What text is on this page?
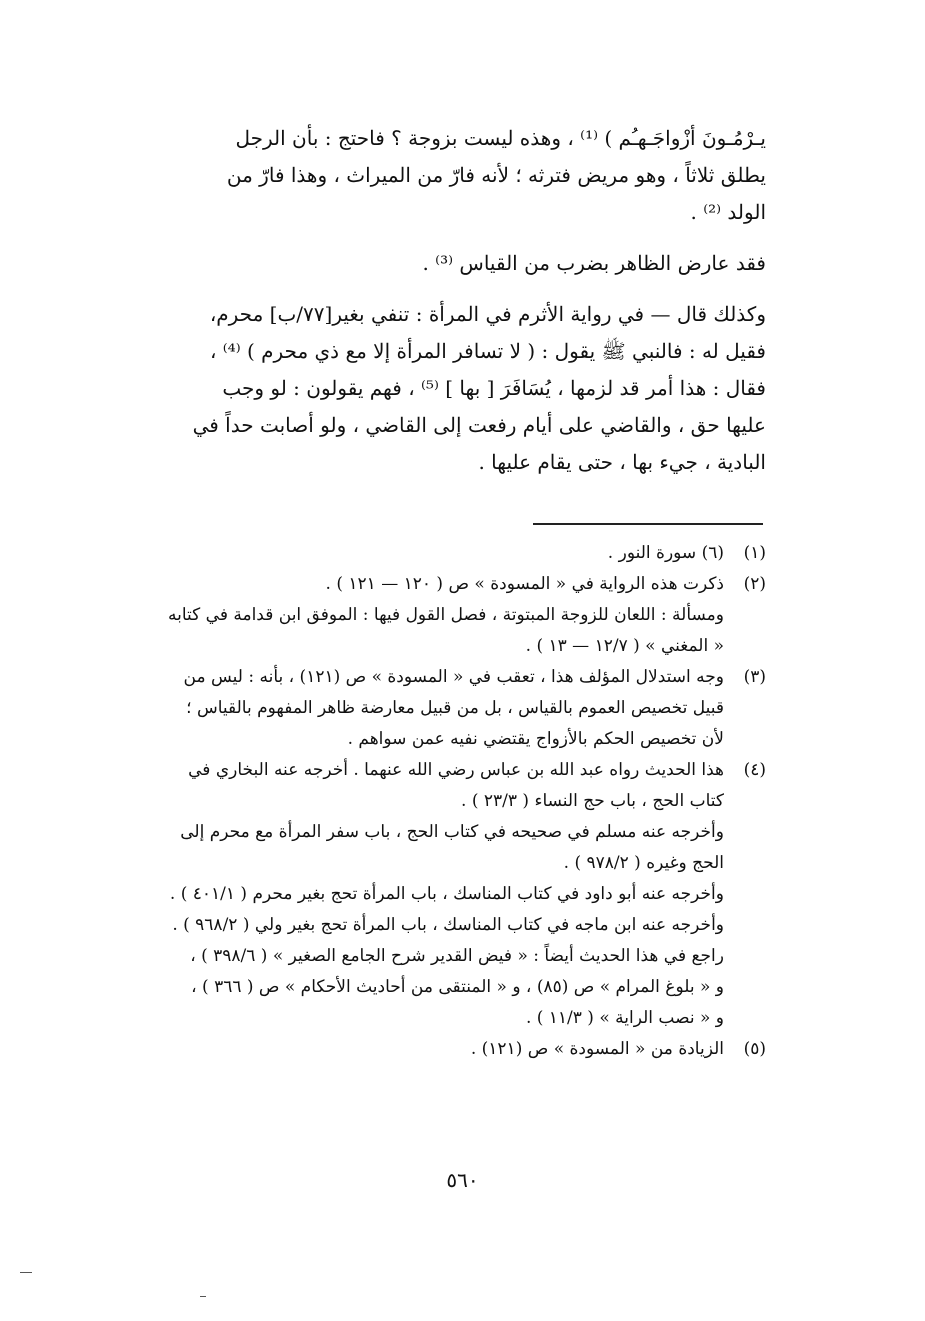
يـرْمُـونَ أزْواجَـهـُم ) ⁽¹⁾ ، وهذه ليست بزوجة ؟ فاحتج : بأن الرجل

يطلق ثلاثاً ، وهو مريض فترثه ؛ لأنه فارّ من الميراث ، وهذا فارّ من

الولد ⁽²⁾ .

فقد عارض الظاهر بضرب من القياس ⁽³⁾ .

وكذلك قال — في رواية الأثرم في المرأة : تنفي بغير[٧٧/ب] محرم،

فقيل له : فالنبي ﷺ يقول : ( لا تسافر المرأة إلا مع ذي محرم ) ⁽⁴⁾ ،

فقال : هذا أمر قد لزمها ، يُسَافَرَ [ بها ] ⁽⁵⁾ ، فهم يقولون : لو وجب

عليها حق ، والقاضي على أيام رفعت إلى القاضي ، ولو أصابت حداً في

البادية ، جيء بها ، حتى يقام عليها .

(١)
(٦) سورة النور .
(٢)
ذكرت هذه الرواية في « المسودة » ص ( ١٢٠ — ١٢١ ) .
ومسألة : اللعان للزوجة المبتوتة ، فصل القول فيها : الموفق ابن قدامة في كتابه
« المغني » ( ١٢/٧ — ١٣ ) .
(٣)
وجه استدلال المؤلف هذا ، تعقب في « المسودة » ص (١٢١) ، بأنه : ليس من
قبيل تخصيص العموم بالقياس ، بل من قبيل معارضة ظاهر المفهوم بالقياس ؛
لأن تخصيص الحكم بالأزواج يقتضي نفيه عمن سواهم .
(٤)
هذا الحديث رواه عبد الله بن عباس رضي الله عنهما . أخرجه عنه البخاري في
كتاب الحج ، باب حج النساء ( ٢٣/٣ ) .
وأخرجه عنه مسلم في صحيحه في كتاب الحج ، باب سفر المرأة مع محرم إلى
الحج وغيره ( ٩٧٨/٢ ) .
وأخرجه عنه أبو داود في كتاب المناسك ، باب المرأة تحج بغير محرم ( ٤٠١/١ ) .
وأخرجه عنه ابن ماجه في كتاب المناسك ، باب المرأة تحج بغير ولي ( ٩٦٨/٢ ) .
راجع في هذا الحديث أيضاً : « فيض القدير شرح الجامع الصغير » ( ٣٩٨/٦ ) ،
و « بلوغ المرام » ص (٨٥) ، و « المنتقى من أحاديث الأحكام » ص ( ٣٦٦ ) ،
و « نصب الراية » ( ١١/٣ ) .
(٥)
الزيادة من « المسودة » ص (١٢١) .
٥٦٠
